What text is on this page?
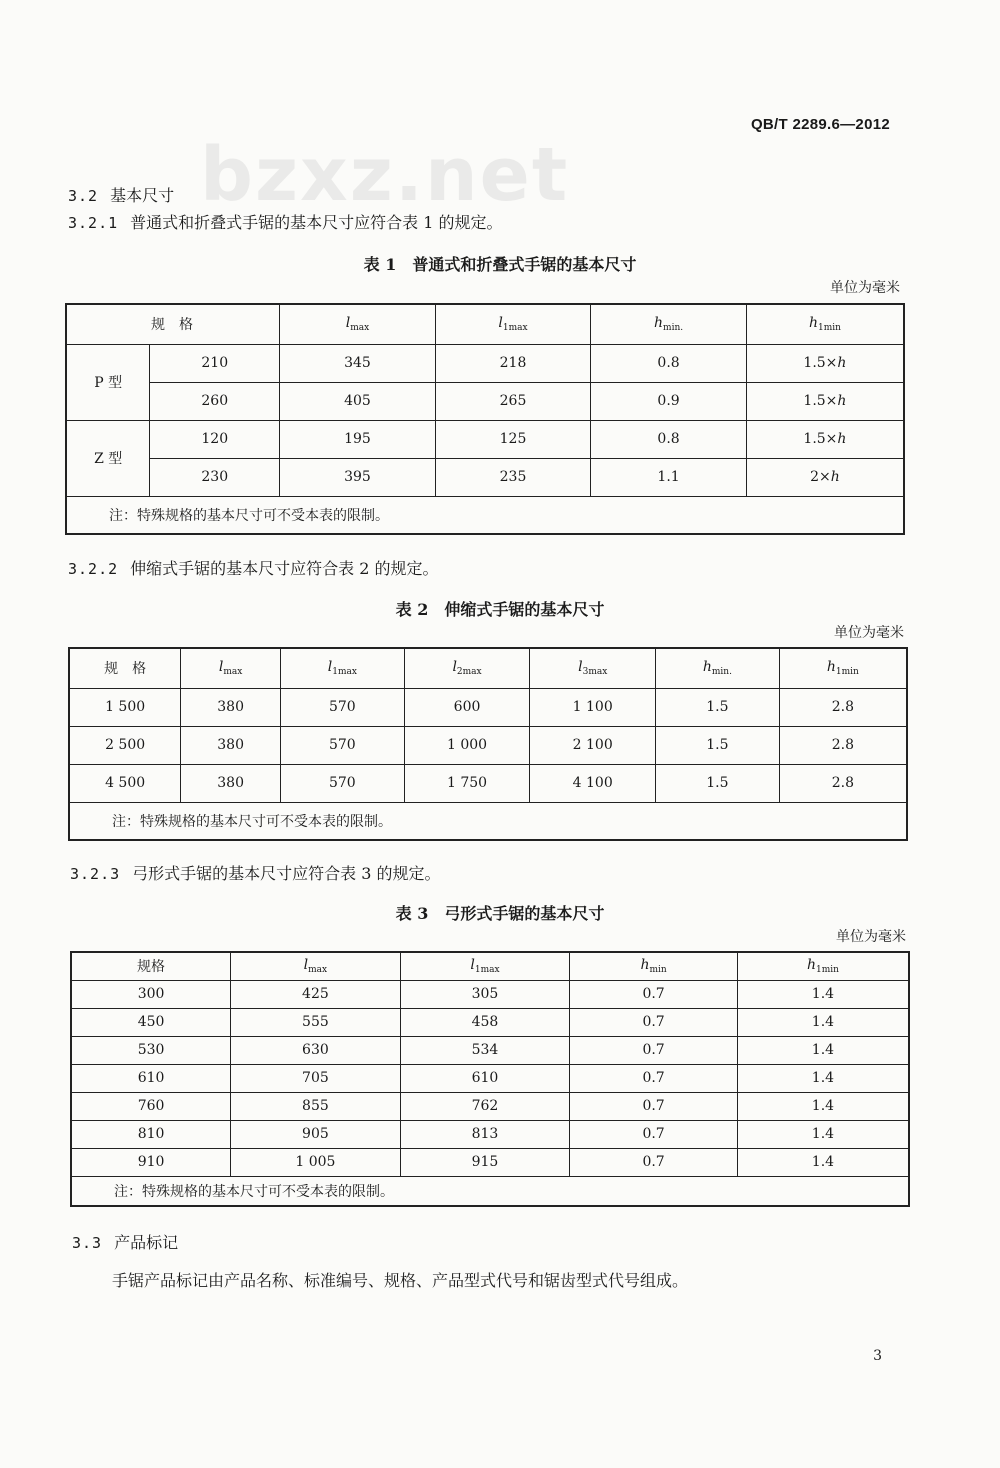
bzxz.net
QB/T 2289.6—2012
3.2 基本尺寸
3.2.1 普通式和折叠式手锯的基本尺寸应符合表 1 的规定。
表 1　普通式和折叠式手锯的基本尺寸
单位为毫米
规　格		$l_{max}$	$l_{1max}$	$h_{min.}$	$h_{1min}$
P 型	210	345	218	0.8	1.5×h
	260	405	265	0.9	1.5×h
Z 型	120	195	125	0.8	1.5×h
	230	395	235	1.1	2×h
注：特殊规格的基本尺寸可不受本表的限制。					
3.2.2 伸缩式手锯的基本尺寸应符合表 2 的规定。
表 2　伸缩式手锯的基本尺寸
单位为毫米
规　格	$l_{max}$	$l_{1max}$	$l_{2max}$	$l_{3max}$	$h_{min.}$	$h_{1min}$
1 500	380	570	600	1 100	1.5	2.8
2 500	380	570	1 000	2 100	1.5	2.8
4 500	380	570	1 750	4 100	1.5	2.8
注：特殊规格的基本尺寸可不受本表的限制。						
3.2.3 弓形式手锯的基本尺寸应符合表 3 的规定。
表 3　弓形式手锯的基本尺寸
单位为毫米
规格	$l_{max}$	$l_{1max}$	$h_{min}$	$h_{1min}$
300	425	305	0.7	1.4
450	555	458	0.7	1.4
530	630	534	0.7	1.4
610	705	610	0.7	1.4
760	855	762	0.7	1.4
810	905	813	0.7	1.4
910	1 005	915	0.7	1.4
注：特殊规格的基本尺寸可不受本表的限制。				
3.3 产品标记
手锯产品标记由产品名称、标准编号、规格、产品型式代号和锯齿型式代号组成。
3
